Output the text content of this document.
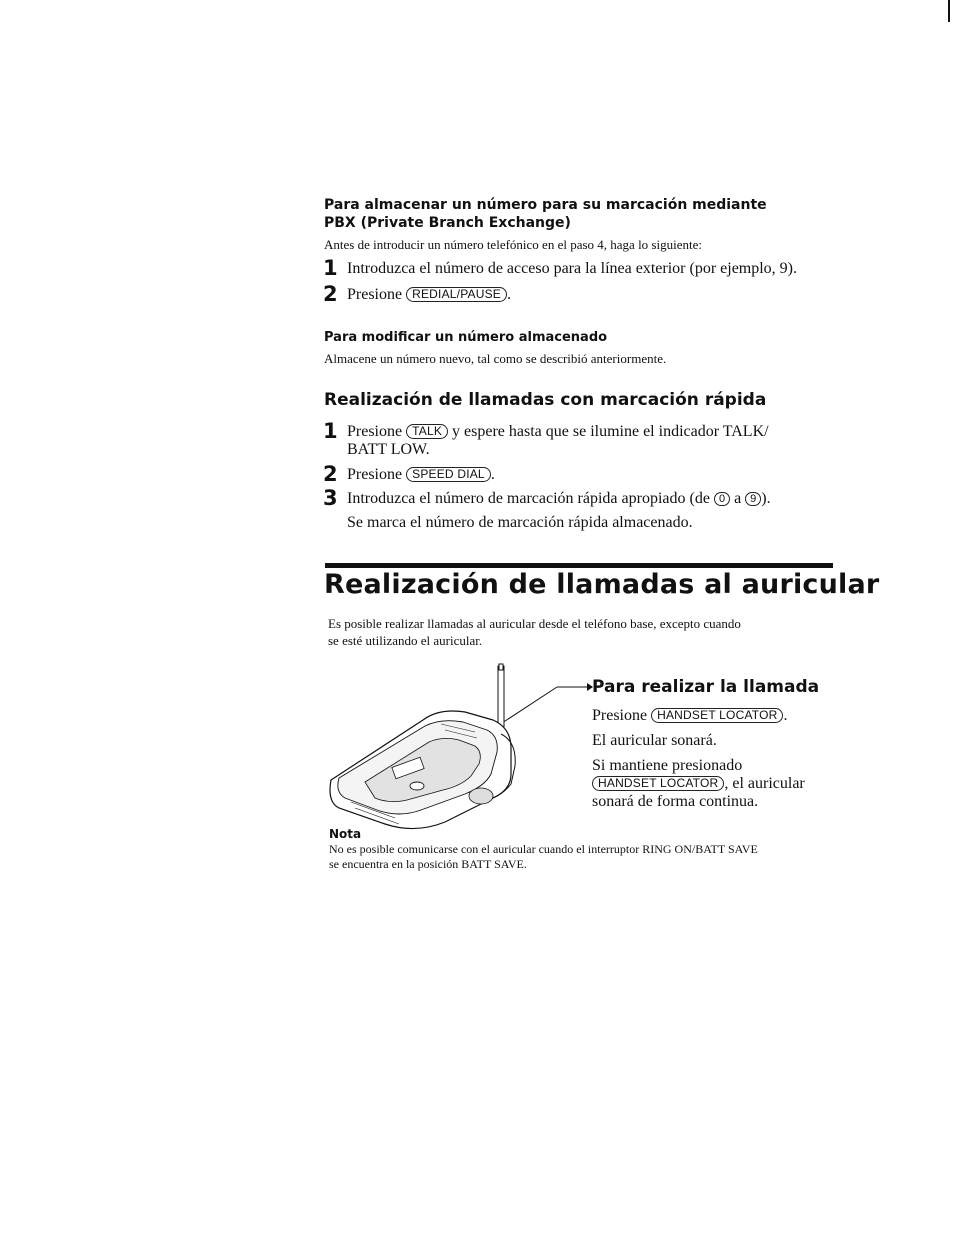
Para almacenar un número para su marcación mediante
PBX (Private Branch Exchange)
Antes de introducir un número telefónico en el paso 4, haga lo siguiente:
1 Introduzca el número de acceso para la línea exterior (por ejemplo, 9).
2 Presione REDIAL/PAUSE .
Para modificar un número almacenado
Almacene un número nuevo, tal como se describió anteriormente.
Realización de llamadas con marcación rápida
1 Presione TALK y espere hasta que se ilumine el indicador TALK/
BATT LOW.
2 Presione SPEED DIAL .
3 Introduzca el número de marcación rápida apropiado (de 0 a 9 ).
Se marca el número de marcación rápida almacenado.
Realización de llamadas al auricular
Es posible realizar llamadas al auricular desde el teléfono base, excepto cuando
se esté utilizando el auricular.
Para realizar la llamada
Presione HANDSET LOCATOR .
El auricular sonará.
Si mantiene presionado
HANDSET LOCATOR , el auricular
sonará de forma continua.
Nota
No es posible comunicarse con el auricular cuando el interruptor RING ON/BATT SAVE
se encuentra en la posición BATT SAVE.
